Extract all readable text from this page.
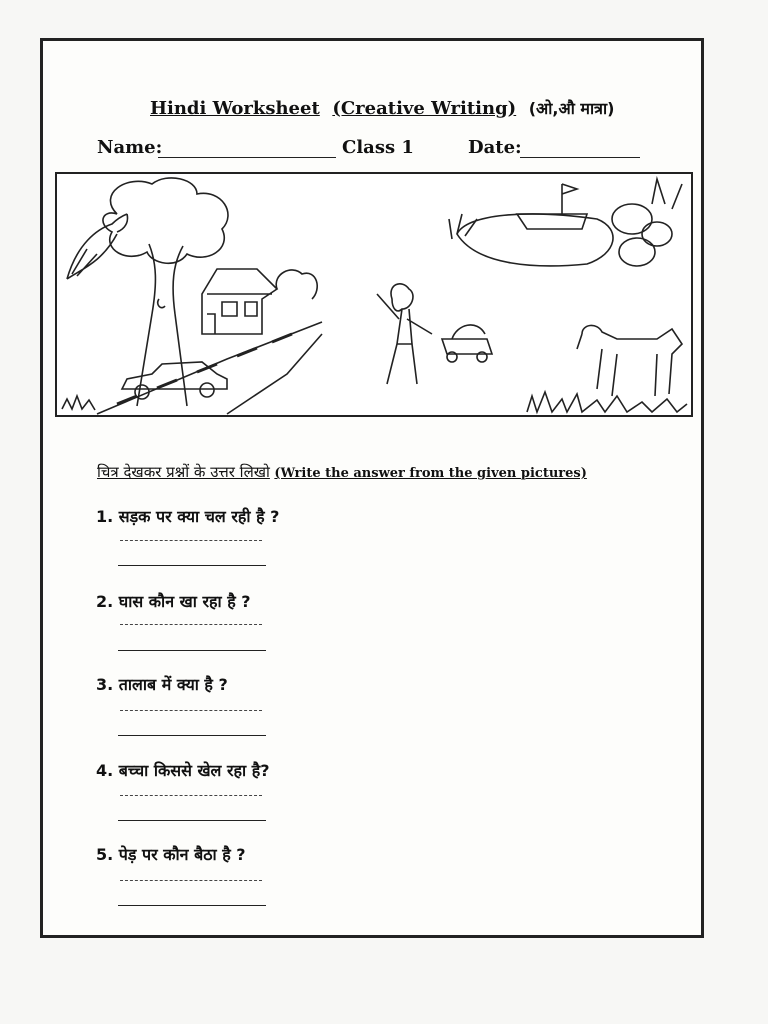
Hindi Worksheet (Creative Writing) (ओ,औ मात्रा)
Name:	Class 1	Date:
चित्र देखकर प्रश्नों के उत्तर लिखो (Write the answer from the given pictures)
1. सड़क पर क्या चल रही है ?
2. घास कौन खा रहा है ?
3. तालाब में क्या है ?
4. बच्चा किससे खेल रहा है?
5. पेड़ पर कौन बैठा है ?
